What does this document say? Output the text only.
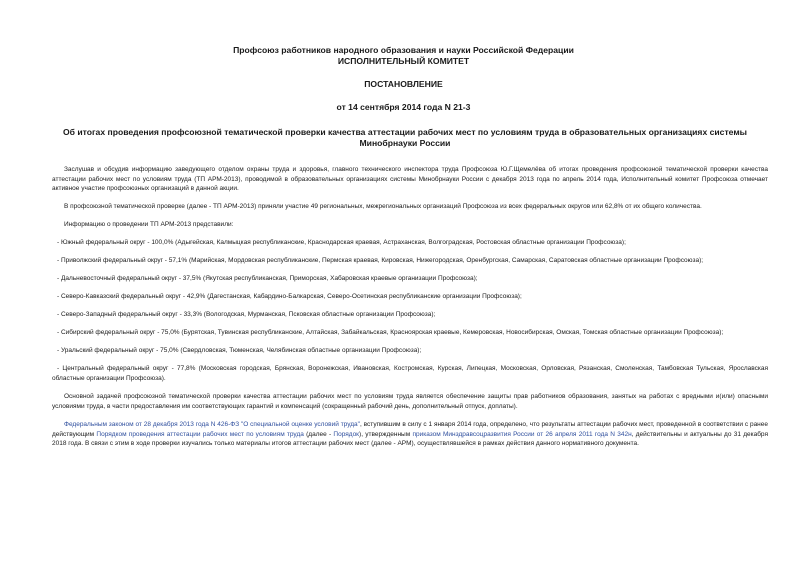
Профсоюз работников народного образования и науки Российской Федерации
ИСПОЛНИТЕЛЬНЫЙ КОМИТЕТ
ПОСТАНОВЛЕНИЕ
от 14 сентября 2014 года N 21-3
Об итогах проведения профсоюзной тематической проверки качества аттестации рабочих мест по условиям труда в образовательных организациях системы Минобрнауки России

Заслушав и обсудив информацию заведующего отделом охраны труда и здоровья, главного технического инспектора труда Профсоюза Ю.Г.Щемелёва об итогах проведения профсоюзной тематической проверки качества аттестации рабочих мест по условиям труда (ТП АРМ-2013), проводимой в образовательных организациях системы Минобрнауки России с декабря 2013 года по апрель 2014 года, Исполнительный комитет Профсоюза отмечает активное участие профсоюзных организаций в данной акции.

В профсоюзной тематической проверке (далее - ТП АРМ-2013) приняли участие 49 региональных, межрегиональных организаций Профсоюза из всех федеральных округов или 62,8% от их общего количества.

Информацию о проведении ТП АРМ-2013 представили:

- Южный федеральный округ - 100,0% (Адыгейская, Калмыцкая республиканские, Краснодарская краевая, Астраханская, Волгоградская, Ростовская областные организации Профсоюза);

- Приволжский федеральный округ - 57,1% (Марийская, Мордовская республиканские, Пермская краевая, Кировская, Нижегородская, Оренбургская, Самарская, Саратовская областные организации Профсоюза);

- Дальневосточный федеральный округ - 37,5% (Якутская республиканская, Приморская, Хабаровская краевые организации Профсоюза);

- Северо-Кавказский федеральный округ - 42,9% (Дагестанская, Кабардино-Балкарская, Северо-Осетинская республиканские организации Профсоюза);

- Северо-Западный федеральный округ - 33,3% (Вологодская, Мурманская, Псковская областные организации Профсоюза);

- Сибирский федеральный округ - 75,0% (Бурятская, Тувинская республиканские, Алтайская, Забайкальская, Красноярская краевые, Кемеровская, Новосибирская, Омская, Томская областные организации Профсоюза);

- Уральский федеральный округ - 75,0% (Свердловская, Тюменская, Челябинская областные организации Профсоюза);

- Центральный федеральный округ - 77,8% (Московская городская, Брянская, Воронежская, Ивановская, Костромская, Курская, Липецкая, Московская, Орловская, Рязанская, Смоленская, Тамбовская Тульская, Ярославская областные организации Профсоюза).

Основной задачей профсоюзной тематической проверки качества аттестации рабочих мест по условиям труда является обеспечение защиты прав работников образования, занятых на работах с вредными и(или) опасными условиями труда, в части предоставления им соответствующих гарантий и компенсаций (сокращенный рабочий день, дополнительный отпуск, доплаты).

Федеральным законом от 28 декабря 2013 года N 426-ФЗ "О специальной оценке условий труда", вступившим в силу с 1 января 2014 года, определено, что результаты аттестации рабочих мест, проведенной в соответствии с ранее действующим Порядком проведения аттестации рабочих мест по условиям труда (далее - Порядок), утвержденным приказом Минздравсоцразвития России от 26 апреля 2011 года N 342н, действительны и актуальны до 31 декабря 2018 года. В связи с этим в ходе проверки изучались только материалы итогов аттестации рабочих мест (далее - АРМ), осуществлявшейся в рамках действия данного нормативного документа.
